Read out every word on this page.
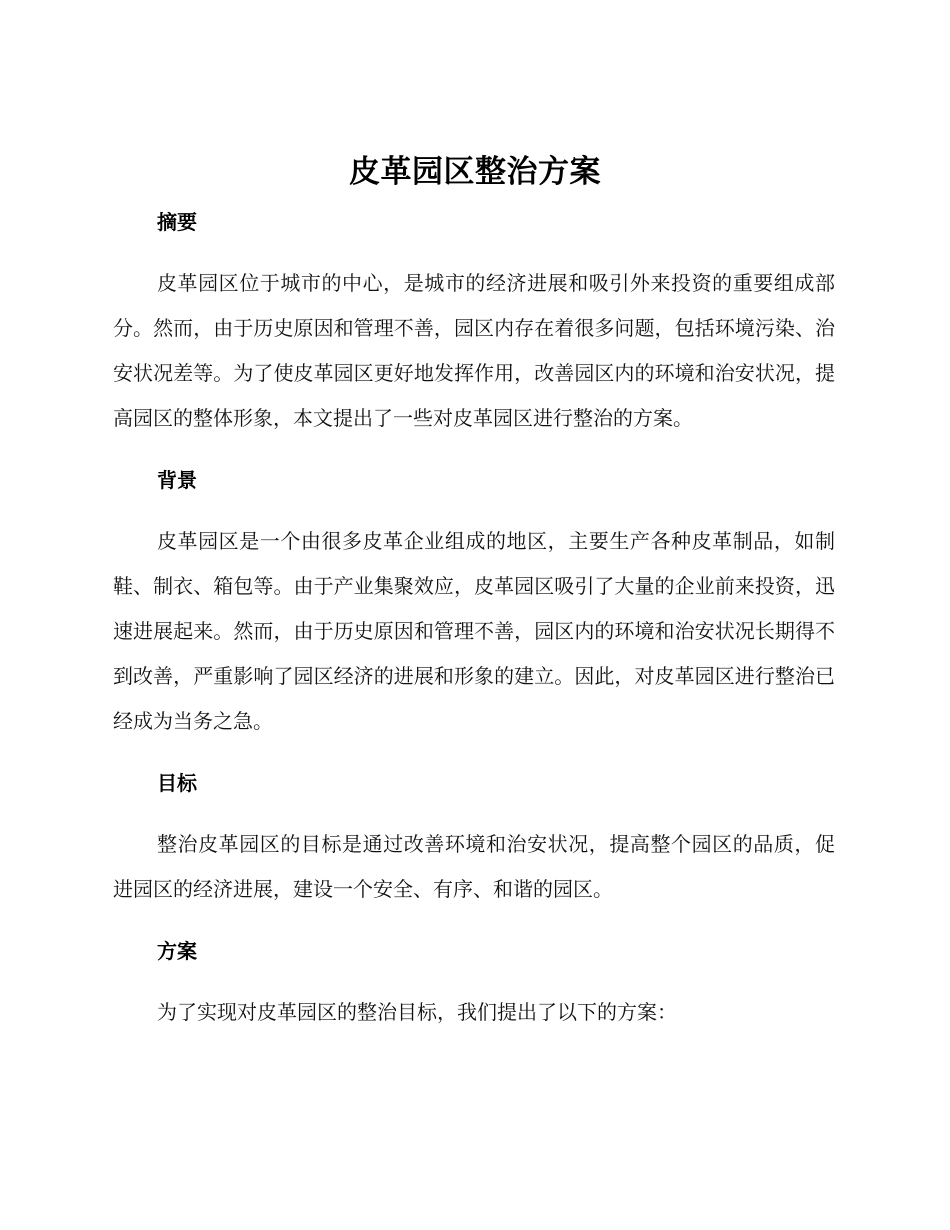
皮革园区整治方案
摘要

皮革园区位于城市的中心，是城市的经济进展和吸引外来投资的重要组成部分。然而，由于历史原因和管理不善，园区内存在着很多问题，包括环境污染、治安状况差等。为了使皮革园区更好地发挥作用，改善园区内的环境和治安状况，提高园区的整体形象，本文提出了一些对皮革园区进行整治的方案。

背景

皮革园区是一个由很多皮革企业组成的地区，主要生产各种皮革制品，如制鞋、制衣、箱包等。由于产业集聚效应，皮革园区吸引了大量的企业前来投资，迅速进展起来。然而，由于历史原因和管理不善，园区内的环境和治安状况长期得不到改善，严重影响了园区经济的进展和形象的建立。因此，对皮革园区进行整治已经成为当务之急。

目标

整治皮革园区的目标是通过改善环境和治安状况，提高整个园区的品质，促进园区的经济进展，建设一个安全、有序、和谐的园区。

方案

为了实现对皮革园区的整治目标，我们提出了以下的方案：
